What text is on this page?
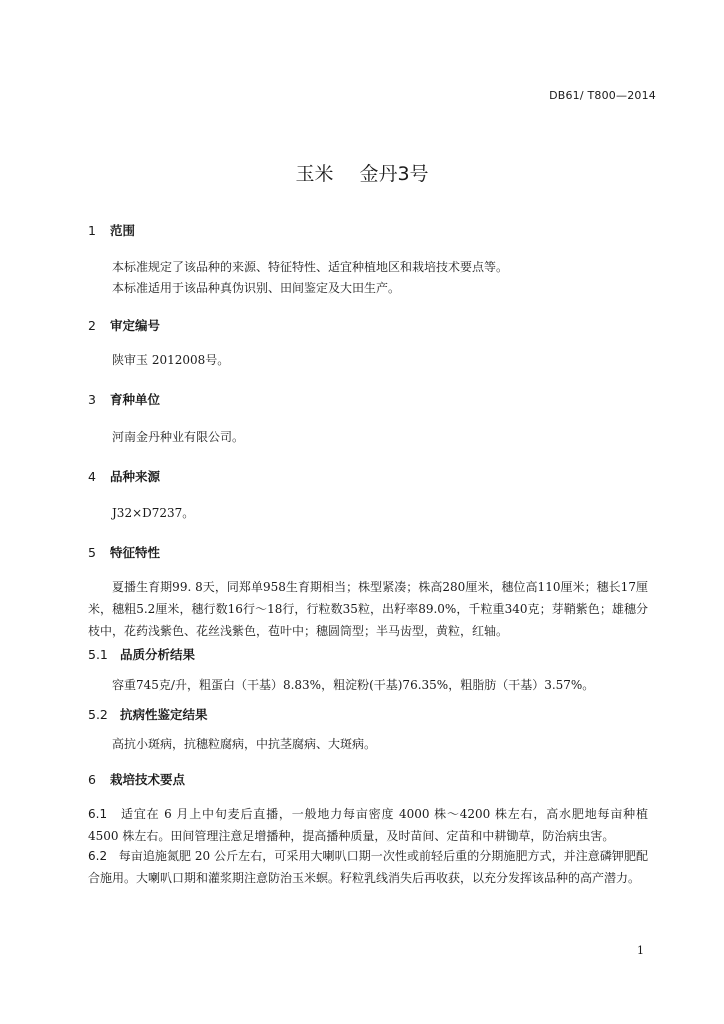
DB61/ T800—2014
玉米 金丹3号
1 范围
本标准规定了该品种的来源、特征特性、适宜种植地区和栽培技术要点等。
本标准适用于该品种真伪识别、田间鉴定及大田生产。
2 审定编号
陕审玉 2012008号。
3 育种单位
河南金丹种业有限公司。
4 品种来源
J32×D7237。
5 特征特性

夏播生育期99. 8天，同郑单958生育期相当；株型紧凑；株高280厘米，穗位高110厘米；穗长17厘米，穗粗5.2厘米，穗行数16行～18行，行粒数35粒，出籽率89.0%，千粒重340克；芽鞘紫色；雄穗分枝中，花药浅紫色、花丝浅紫色，苞叶中；穗圆筒型；半马齿型，黄粒，红轴。

5.1 品质分析结果
容重745克/升，粗蛋白（干基）8.83%，粗淀粉(干基)76.35%，粗脂肪（干基）3.57%。
5.2 抗病性鉴定结果
高抗小斑病，抗穗粒腐病，中抗茎腐病、大斑病。
6 栽培技术要点

6.1 适宜在 6 月上中旬麦后直播，一般地力每亩密度 4000 株～4200 株左右，高水肥地每亩种植 4500 株左右。田间管理注意足增播种，提高播种质量，及时苗间、定苗和中耕锄草，防治病虫害。

6.2 每亩追施氮肥 20 公斤左右，可采用大喇叭口期一次性或前轻后重的分期施肥方式，并注意磷钾肥配合施用。大喇叭口期和灌浆期注意防治玉米螟。籽粒乳线消失后再收获，以充分发挥该品种的高产潜力。

1
